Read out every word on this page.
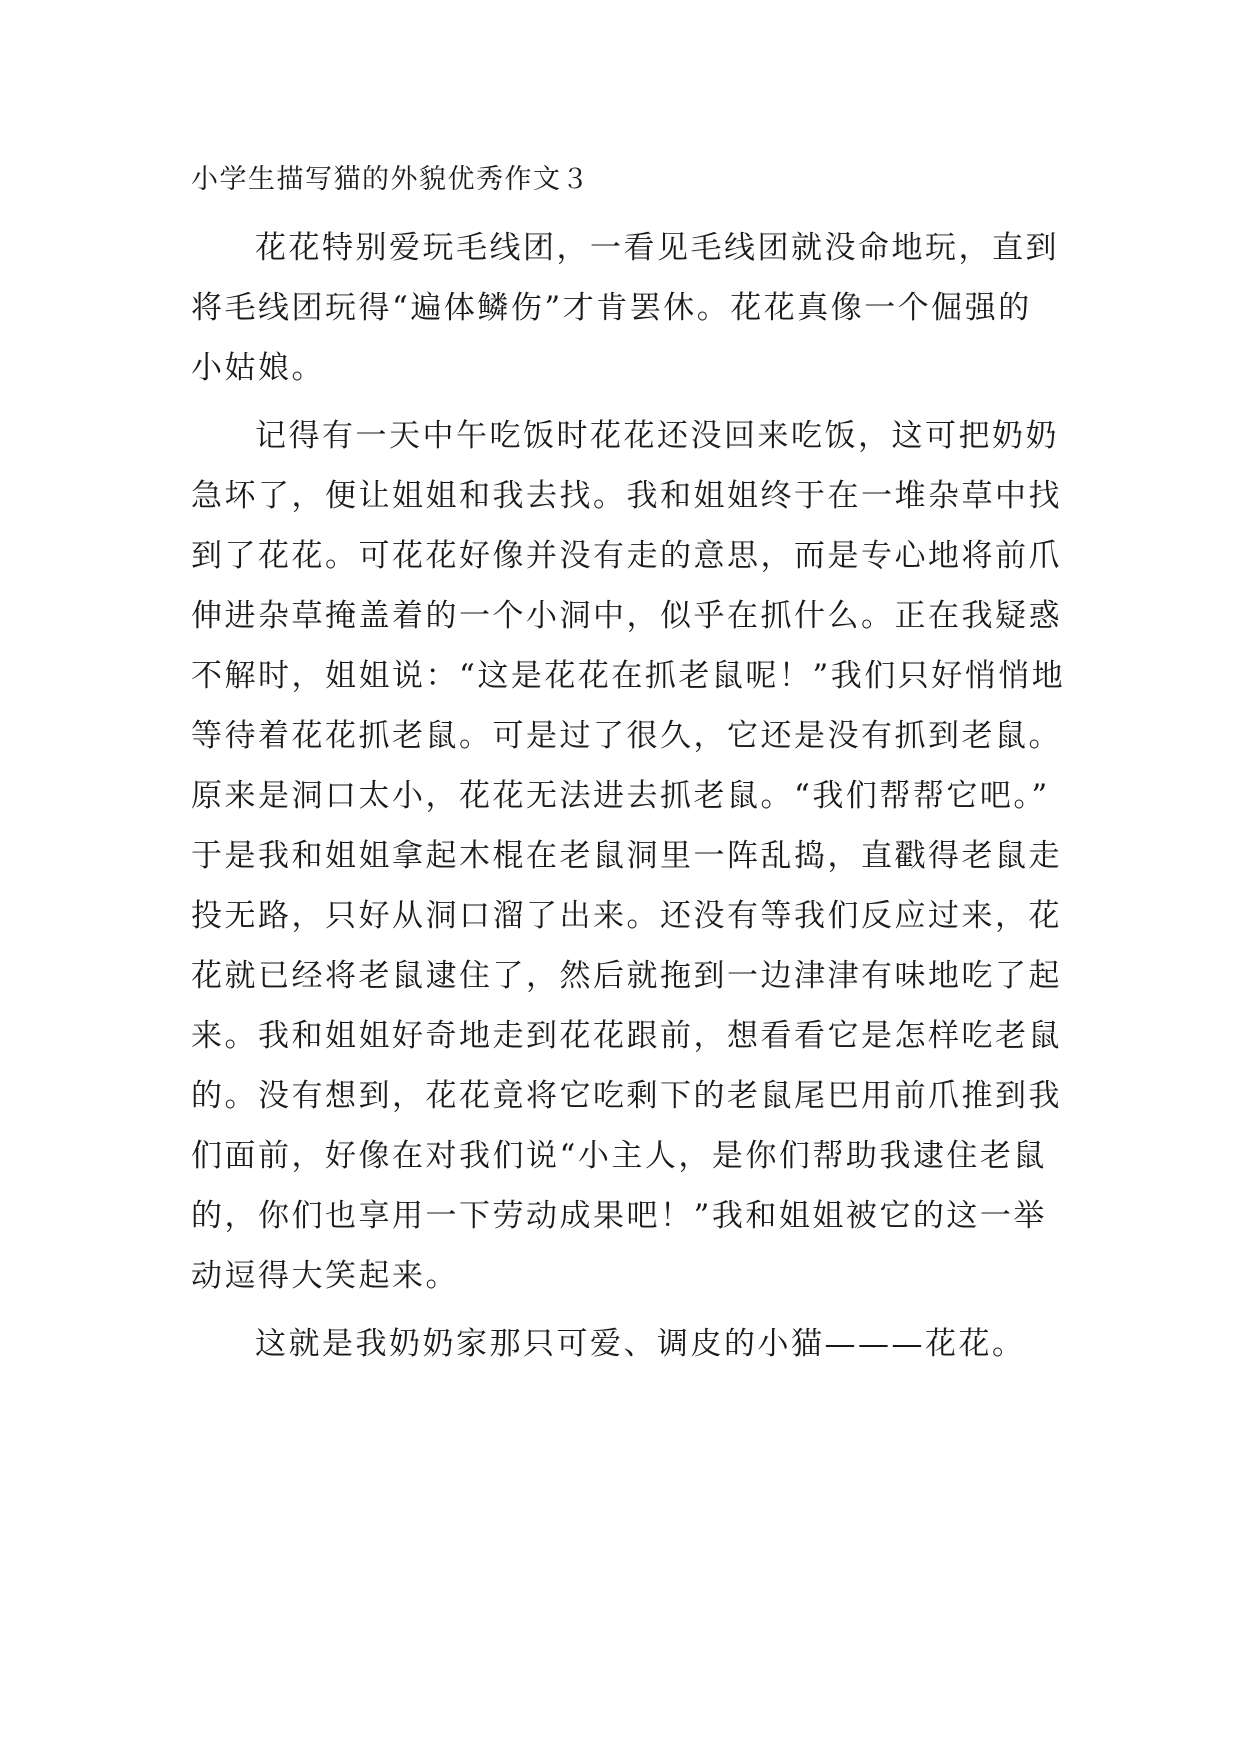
小学生描写猫的外貌优秀作文３

花花特别爱玩毛线团，一看见毛线团就没命地玩，直到
将毛线团玩得“遍体鳞伤”才肯罢休。花花真像一个倔强的
小姑娘。

记得有一天中午吃饭时花花还没回来吃饭，这可把奶奶
急坏了，便让姐姐和我去找。我和姐姐终于在一堆杂草中找
到了花花。可花花好像并没有走的意思，而是专心地将前爪
伸进杂草掩盖着的一个小洞中，似乎在抓什么。正在我疑惑
不解时，姐姐说：“这是花花在抓老鼠呢！”我们只好悄悄地
等待着花花抓老鼠。可是过了很久，它还是没有抓到老鼠。
原来是洞口太小，花花无法进去抓老鼠。“我们帮帮它吧。”
于是我和姐姐拿起木棍在老鼠洞里一阵乱捣，直戳得老鼠走
投无路，只好从洞口溜了出来。还没有等我们反应过来，花
花就已经将老鼠逮住了，然后就拖到一边津津有味地吃了起
来。我和姐姐好奇地走到花花跟前，想看看它是怎样吃老鼠
的。没有想到，花花竟将它吃剩下的老鼠尾巴用前爪推到我
们面前，好像在对我们说“小主人，是你们帮助我逮住老鼠
的，你们也享用一下劳动成果吧！”我和姐姐被它的这一举
动逗得大笑起来。

这就是我奶奶家那只可爱、调皮的小猫———花花。
